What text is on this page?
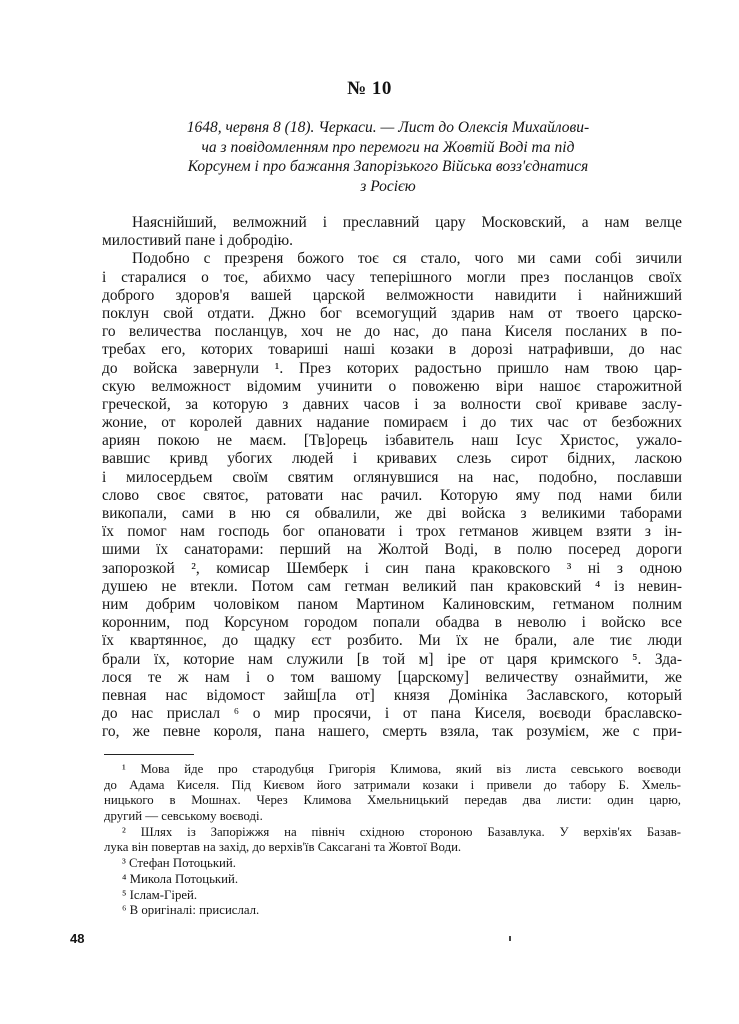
№ 10
1648, червня 8 (18). Черкаси. — Лист до Олексія Михайлови-
ча з повідомленням про перемоги на Жовтій Воді та під
Корсунем і про бажання Запорізького Війська возз'єднатися
з Росією
Наяснійший, велможний і преславний цару Московский, а нам велце
милостивий пане і добродію.
Подобно с презреня божого тоє ся стало, чого ми сами собі зичили
і старалися о тоє, абихмо часу теперішного могли през посланцов своїх
доброго здоров'я вашей царской велможности навидити і найнижший
поклун свой отдати. Джно бог всемогущий здарив нам от твоего царско-
го величества посланцув, хоч не до нас, до пана Киселя посланих в по-
требах его, которих товариші наші козаки в дорозі натрафивши, до нас
до войска завернули ¹. През которих радостьно пришло нам твою цар-
скую велможност відомим учинити о повоженю віри нашоє старожитной
греческой, за которую з давних часов і за волности свої криваве заслу-
жоние, от королей давних надание помираєм і до тих час от безбожних
ариян покою не маєм. [Тв]орець ізбавитель наш Ісус Христос, ужало-
вавшис кривд убогих людей і кривавих слезь сирот бідних, ласкою
і милосердьем своїм святим оглянувшися на нас, подобно, пославши
слово своє святоє, ратовати нас рачил. Которую яму под нами били
викопали, сами в ню ся обвалили, же дві войска з великими таборами
їх помог нам господь бог опановати і трох гетманов живцем взяти з ін-
шими їх санаторами: перший на Жолтой Воді, в полю посеред дороги
запорозкой ², комисар Шемберк і син пана краковского ³ ні з одною
душею не втекли. Потом сам гетман великий пан краковский ⁴ із невин-
ним добрим чоловіком паном Мартином Калиновским, гетманом полним
коронним, под Корсуном городом попали обадва в неволю і войско все
їх квартянноє, до щадку єст розбито. Ми їх не брали, але тиє люди
брали їх, которие нам служили [в той м] іре от царя кримского ⁵. Зда-
лося те ж нам і о том вашому [царскому] величеству ознаймити, же
певная нас відомост зайш[ла от] князя Домініка Заславского, который
до нас прислал ⁶ о мир просячи, і от пана Киселя, воєводи браславско-
го, же певне короля, пана нашего, смерть взяла, так розумієм, же с при-
¹ Мова йде про стародубця Григорія Климова, який віз листа севського воєводи
до Адама Киселя. Під Києвом його затримали козаки і привели до табору Б. Хмель-
ницького в Мошнах. Через Климова Хмельницький передав два листи: один царю,
другий — севському воєводі.
² Шлях із Запоріжжя на північ східною стороною Базавлука. У верхів'ях Базав-
лука він повертав на захід, до верхів'їв Саксагані та Жовтої Води.
³ Стефан Потоцький.
⁴ Микола Потоцький.
⁵ Іслам-Гірей.
⁶ В оригіналі: присислал.
48
